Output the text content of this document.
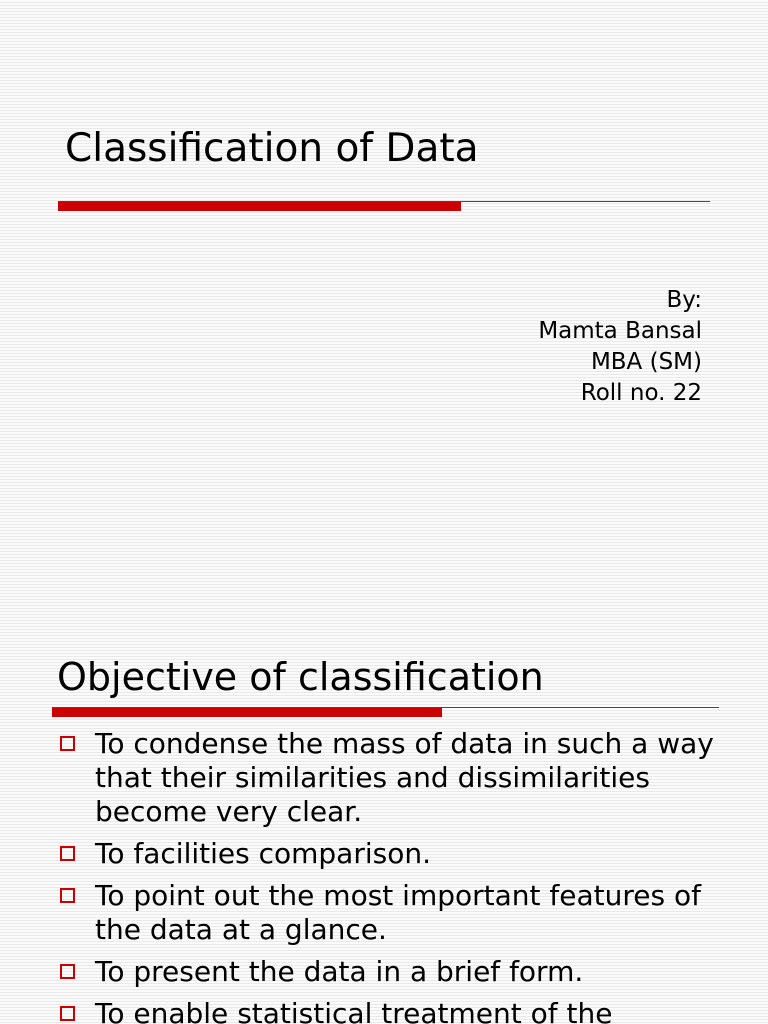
Classification of Data
By:
Mamta Bansal
MBA (SM)
Roll no. 22
Objective of classification
To condense the mass of data in such a way that their similarities and dissimilarities become very clear.
To facilities comparison.
To point out the most important features of the data at a glance.
To present the data in a brief form.
To enable statistical treatment of the
